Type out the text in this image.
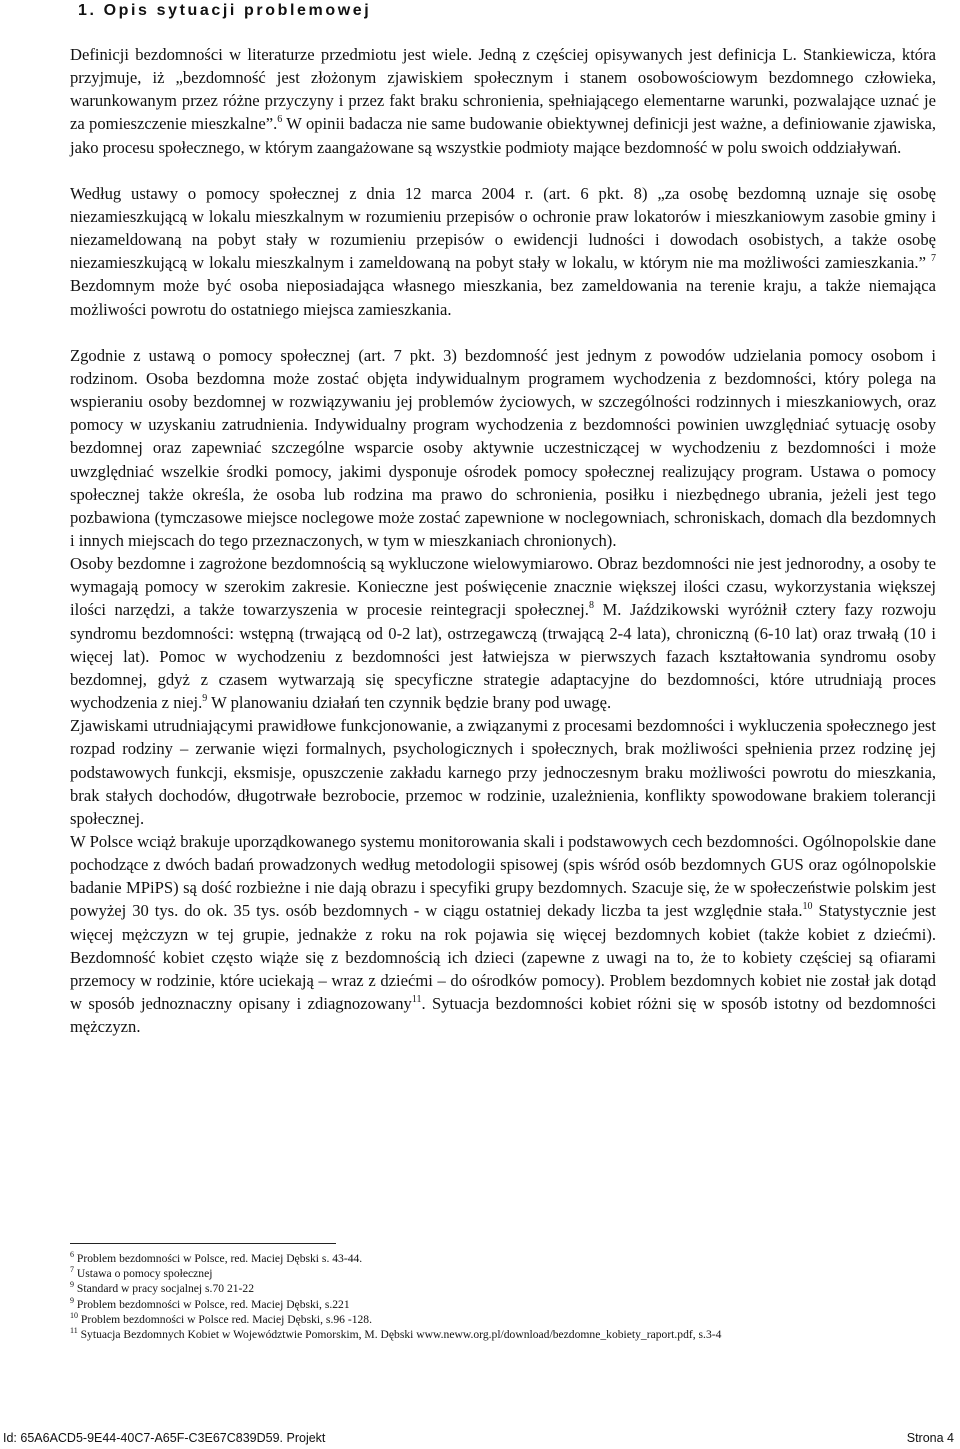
1. Opis sytuacji problemowej

Definicji bezdomności w literaturze przedmiotu jest wiele. Jedną z częściej opisywanych jest definicja L. Stankiewicza, która przyjmuje, iż „bezdomność jest złożonym zjawiskiem społecznym i stanem osobowościowym bezdomnego człowieka, warunkowanym przez różne przyczyny i przez fakt braku schronienia, spełniającego elementarne warunki, pozwalające uznać je za pomieszczenie mieszkalne”.$^6$ W opinii badacza nie same budowanie obiektywnej definicji jest ważne, a definiowanie zjawiska, jako procesu społecznego, w którym zaangażowane są wszystkie podmioty mające bezdomność w polu swoich oddziaływań.

Według ustawy o pomocy społecznej z dnia 12 marca 2004 r. (art. 6 pkt. 8) „za osobę bezdomną uznaje się osobę niezamieszkującą w lokalu mieszkalnym w rozumieniu przepisów o ochronie praw lokatorów i mieszkaniowym zasobie gminy i niezameldowaną na pobyt stały w rozumieniu przepisów o ewidencji ludności i dowodach osobistych, a także osobę niezamieszkującą w lokalu mieszkalnym i zameldowaną na pobyt stały w lokalu, w którym nie ma możliwości zamieszkania.” $^7$ Bezdomnym może być osoba nieposiadająca własnego mieszkania, bez zameldowania na terenie kraju, a także niemająca możliwości powrotu do ostatniego miejsca zamieszkania.

Zgodnie z ustawą o pomocy społecznej (art. 7 pkt. 3) bezdomność jest jednym z powodów udzielania pomocy osobom i rodzinom. Osoba bezdomna może zostać objęta indywidualnym programem wychodzenia z bezdomności, który polega na wspieraniu osoby bezdomnej w rozwiązywaniu jej problemów życiowych, w szczególności rodzinnych i mieszkaniowych, oraz pomocy w uzyskaniu zatrudnienia. Indywidualny program wychodzenia z bezdomności powinien uwzględniać sytuację osoby bezdomnej oraz zapewniać szczególne wsparcie osoby aktywnie uczestniczącej w wychodzeniu z bezdomności i może uwzględniać wszelkie środki pomocy, jakimi dysponuje ośrodek pomocy społecznej realizujący program. Ustawa o pomocy społecznej także określa, że osoba lub rodzina ma prawo do schronienia, posiłku i niezbędnego ubrania, jeżeli jest tego pozbawiona (tymczasowe miejsce noclegowe może zostać zapewnione w noclegowniach, schroniskach, domach dla bezdomnych i innych miejscach do tego przeznaczonych, w tym w mieszkaniach chronionych).

Osoby bezdomne i zagrożone bezdomnością są wykluczone wielowymiarowo. Obraz bezdomności nie jest jednorodny, a osoby te wymagają pomocy w szerokim zakresie. Konieczne jest poświęcenie znacznie większej ilości czasu, wykorzystania większej ilości narzędzi, a także towarzyszenia w procesie reintegracji społecznej.$^8$ M. Jaździkowski wyróżnił cztery fazy rozwoju syndromu bezdomności: wstępną (trwającą od 0-2 lat), ostrzegawczą (trwającą 2-4 lata), chroniczną (6-10 lat) oraz trwałą (10 i więcej lat). Pomoc w wychodzeniu z bezdomności jest łatwiejsza w pierwszych fazach kształtowania syndromu osoby bezdomnej, gdyż z czasem wytwarzają się specyficzne strategie adaptacyjne do bezdomności, które utrudniają proces wychodzenia z niej.$^9$ W planowaniu działań ten czynnik będzie brany pod uwagę.

Zjawiskami utrudniającymi prawidłowe funkcjonowanie, a związanymi z procesami bezdomności i wykluczenia społecznego jest rozpad rodziny – zerwanie więzi formalnych, psychologicznych i społecznych, brak możliwości spełnienia przez rodzinę jej podstawowych funkcji, eksmisje, opuszczenie zakładu karnego przy jednoczesnym braku możliwości powrotu do mieszkania, brak stałych dochodów, długotrwałe bezrobocie, przemoc w rodzinie, uzależnienia, konflikty spowodowane brakiem tolerancji społecznej.

W Polsce wciąż brakuje uporządkowanego systemu monitorowania skali i podstawowych cech bezdomności. Ogólnopolskie dane pochodzące z dwóch badań prowadzonych według metodologii spisowej (spis wśród osób bezdomnych GUS oraz ogólnopolskie badanie MPiPS) są dość rozbieżne i nie dają obrazu i specyfiki grupy bezdomnych. Szacuje się, że w społeczeństwie polskim jest powyżej 30 tys. do ok. 35 tys. osób bezdomnych - w ciągu ostatniej dekady liczba ta jest względnie stała.$^{10}$ Statystycznie jest więcej mężczyzn w tej grupie, jednakże z roku na rok pojawia się więcej bezdomnych kobiet (także kobiet z dziećmi). Bezdomność kobiet często wiąże się z bezdomnością ich dzieci (zapewne z uwagi na to, że to kobiety częściej są ofiarami przemocy w rodzinie, które uciekają – wraz z dziećmi – do ośrodków pomocy). Problem bezdomnych kobiet nie został jak dotąd w sposób jednoznaczny opisany i zdiagnozowany$^{11}$. Sytuacja bezdomności kobiet różni się w sposób istotny od bezdomności mężczyzn.

$^6$ Problem bezdomności w Polsce, red. Maciej Dębski s. 43-44.
$^7$ Ustawa o pomocy społecznej
$^9$ Standard w pracy socjalnej s.70 21-22
$^9$ Problem bezdomności w Polsce, red. Maciej Dębski, s.221
$^{10}$ Problem bezdomności w Polsce red. Maciej Dębski, s.96 -128.
$^{11}$ Sytuacja Bezdomnych Kobiet w Województwie Pomorskim, M. Dębski www.neww.org.pl/download/bezdomne_kobiety_raport.pdf, s.3-4
Id: 65A6ACD5-9E44-40C7-A65F-C3E67C839D59. Projekt	Strona 4
